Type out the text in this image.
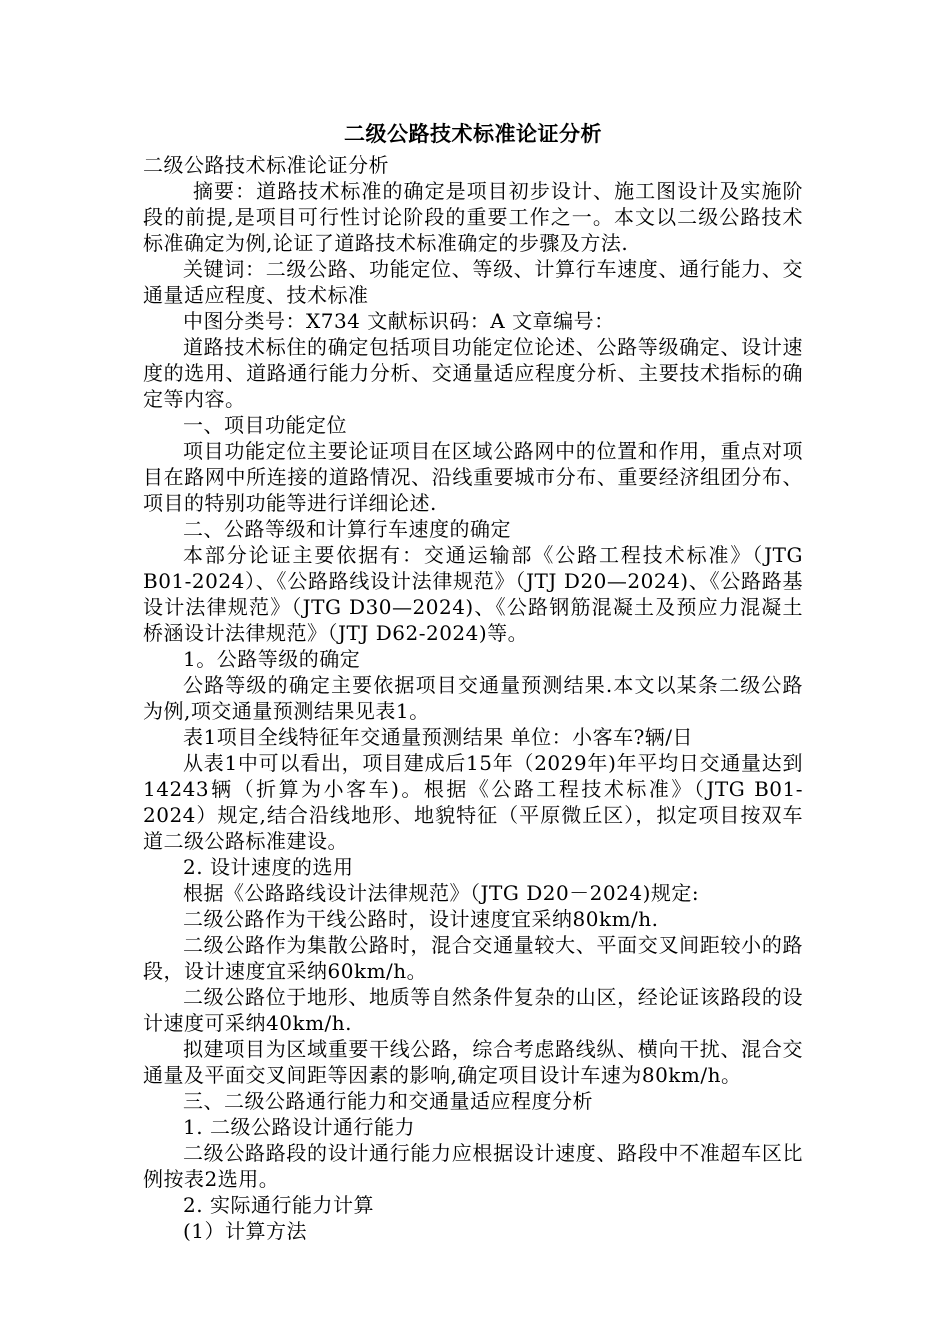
二级公路技术标准论证分析

二级公路技术标准论证分析

摘要：道路技术标准的确定是项目初步设计、施工图设计及实施阶段的前提,是项目可行性讨论阶段的重要工作之一。本文以二级公路技术标准确定为例,论证了道路技术标准确定的步骤及方法.

关键词：二级公路、功能定位、等级、计算行车速度、通行能力、交通量适应程度、技术标准

中图分类号：X734 文献标识码：A 文章编号：

道路技术标住的确定包括项目功能定位论述、公路等级确定、设计速度的选用、道路通行能力分析、交通量适应程度分析、主要技术指标的确定等内容。

一、项目功能定位

项目功能定位主要论证项目在区域公路网中的位置和作用，重点对项目在路网中所连接的道路情况、沿线重要城市分布、重要经济组团分布、项目的特别功能等进行详细论述.

二、公路等级和计算行车速度的确定

本部分论证主要依据有：交通运输部《公路工程技术标准》（JTG B01-2024）、《公路路线设计法律规范》（JTJ D20—2024)、《公路路基设计法律规范》（JTG D30—2024)、《公路钢筋混凝土及预应力混凝土桥涵设计法律规范》（JTJ D62-2024)等。

1。公路等级的确定

公路等级的确定主要依据项目交通量预测结果.本文以某条二级公路为例,项交通量预测结果见表1。

表1项目全线特征年交通量预测结果 单位：小客车?辆/日

从表1中可以看出，项目建成后15年（2029年)年平均日交通量达到14243辆（折算为小客车)。根据《公路工程技术标准》（JTG B01-2024）规定,结合沿线地形、地貌特征（平原微丘区），拟定项目按双车道二级公路标准建设。

2. 设计速度的选用

根据《公路路线设计法律规范》（JTG D20－2024)规定:

二级公路作为干线公路时，设计速度宜采纳80km/h.

二级公路作为集散公路时，混合交通量较大、平面交叉间距较小的路段，设计速度宜采纳60km/h。

二级公路位于地形、地质等自然条件复杂的山区，经论证该路段的设计速度可采纳40km/h.

拟建项目为区域重要干线公路，综合考虑路线纵、横向干扰、混合交通量及平面交叉间距等因素的影响,确定项目设计车速为80km/h。

三、二级公路通行能力和交通量适应程度分析

1. 二级公路设计通行能力

二级公路路段的设计通行能力应根据设计速度、路段中不准超车区比例按表2选用。

2. 实际通行能力计算

(1）计算方法
